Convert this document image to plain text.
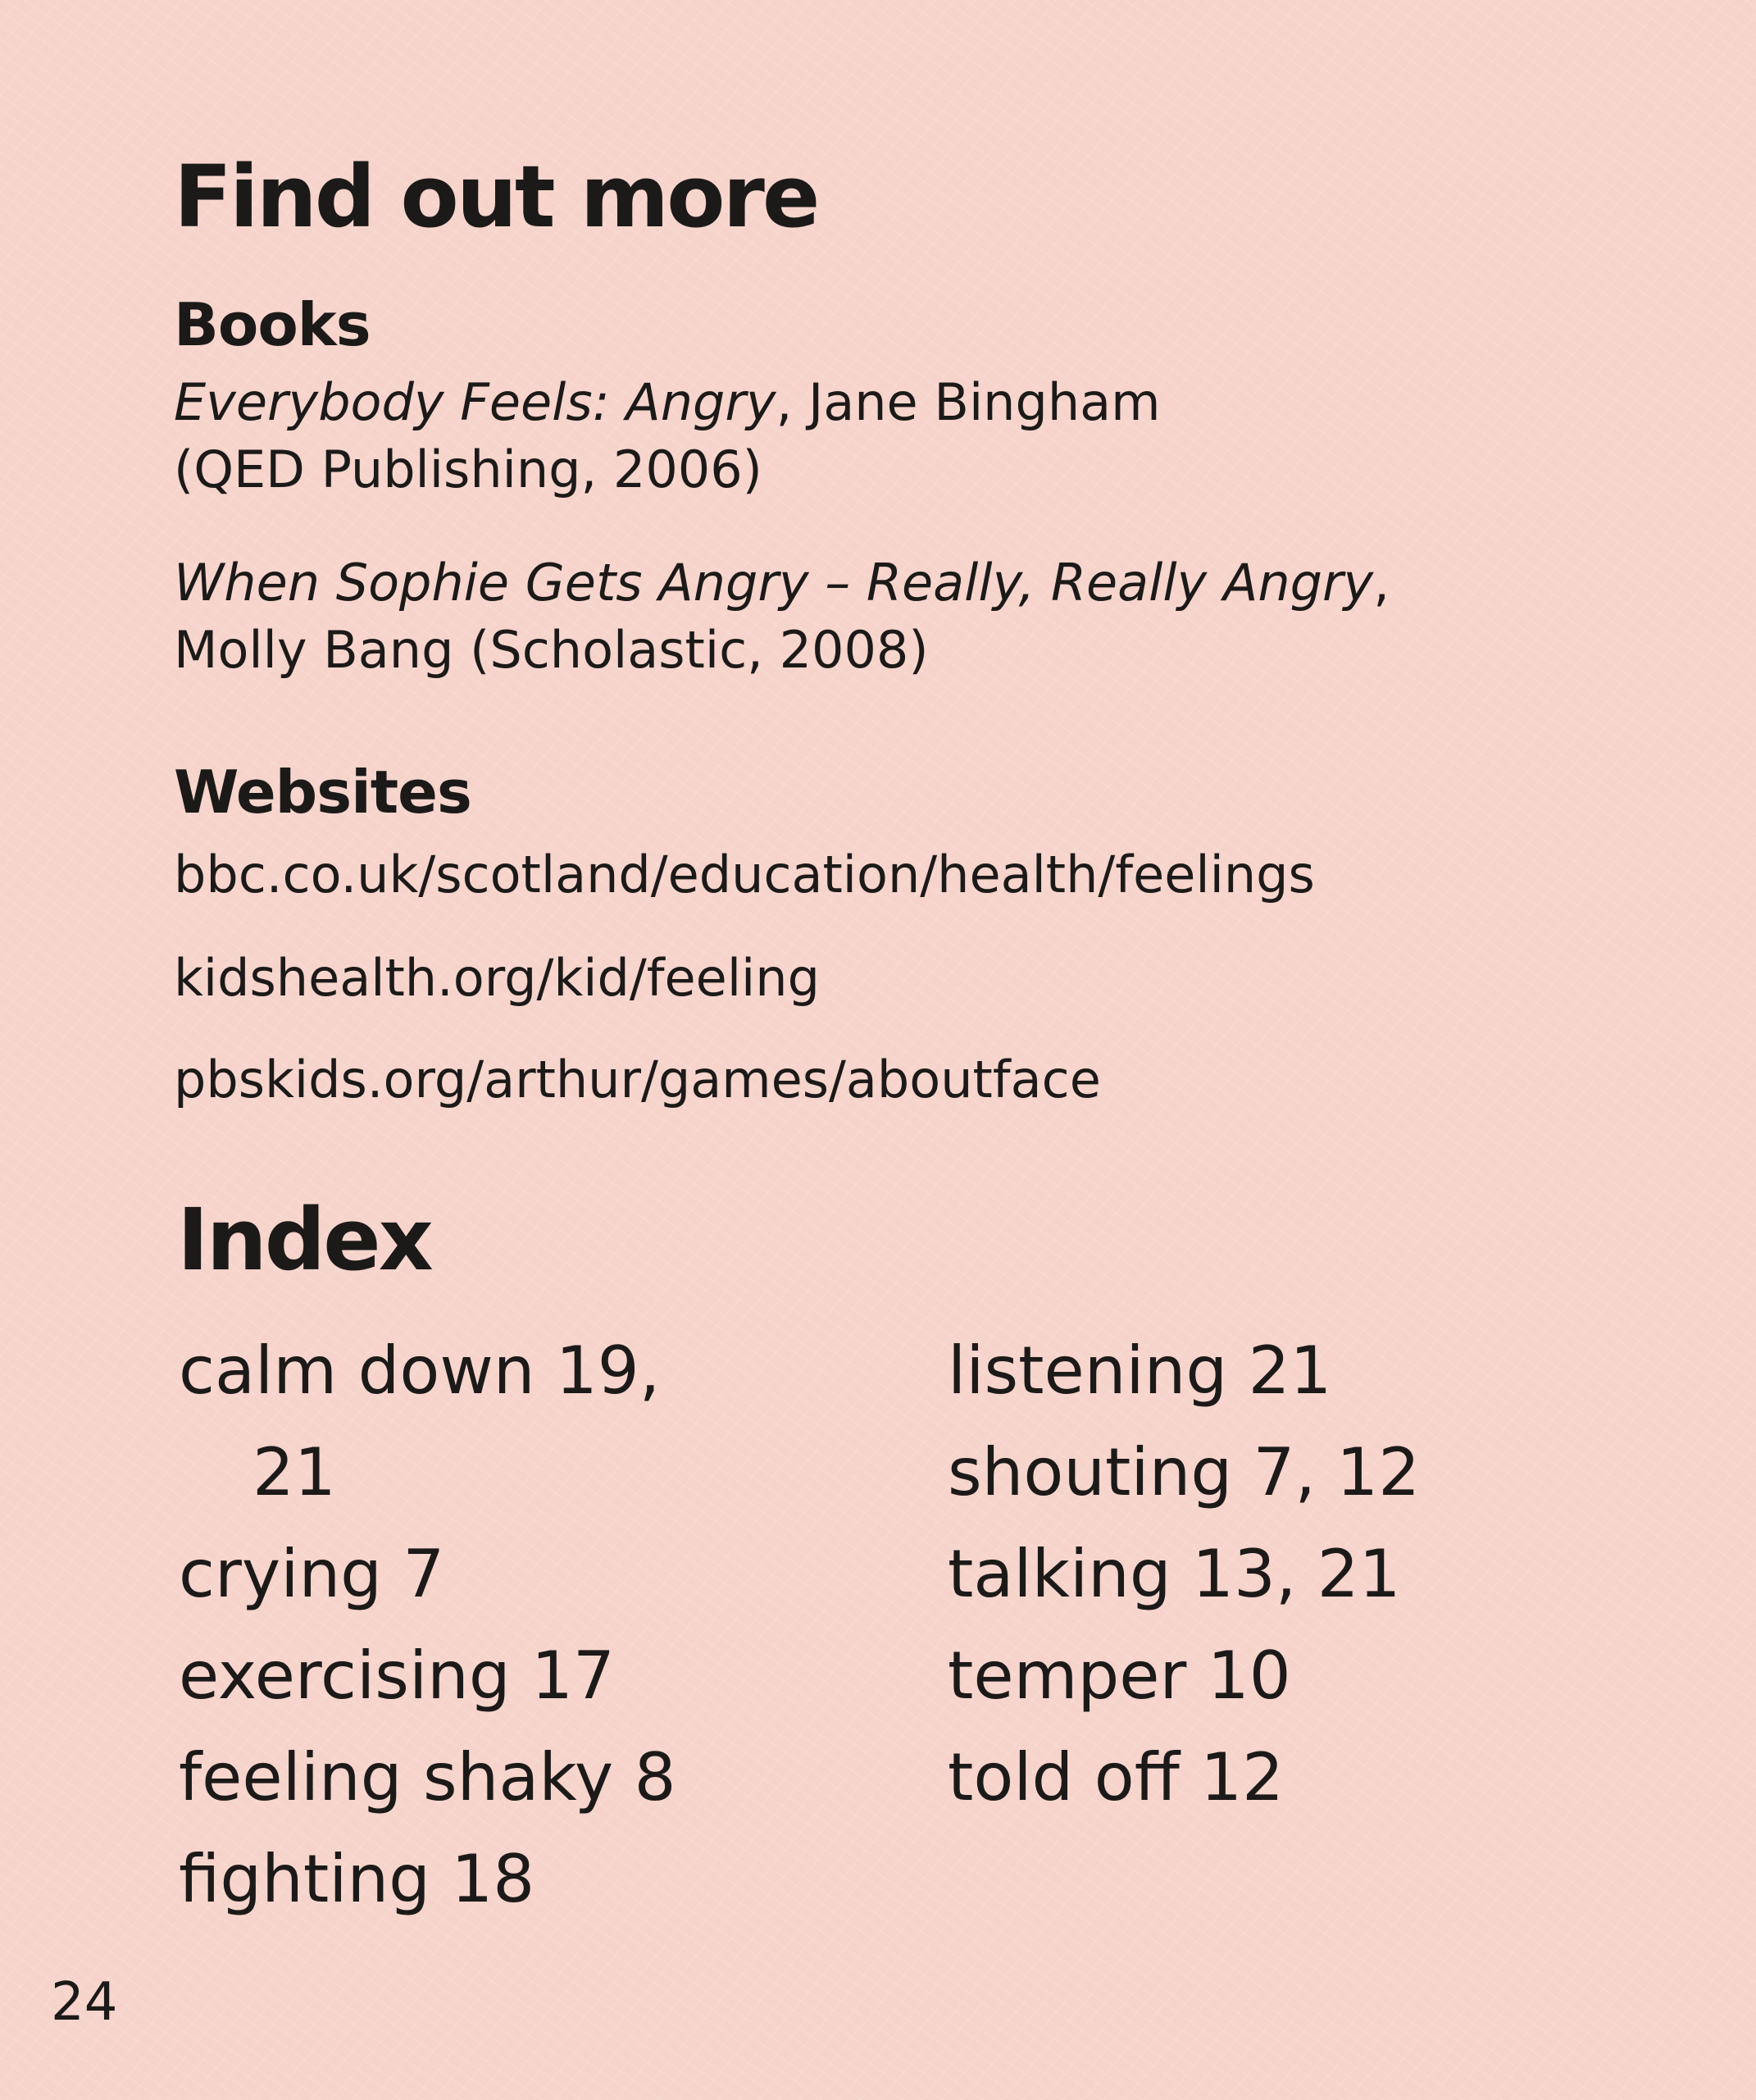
Find out more
Books
Everybody Feels: Angry, Jane Bingham
(QED Publishing, 2006)
When Sophie Gets Angry – Really, Really Angry,
Molly Bang (Scholastic, 2008)
Websites
bbc.co.uk/scotland/education/health/feelings
kidshealth.org/kid/feeling
pbskids.org/arthur/games/aboutface
Index
calm down 19,
21
crying 7
exercising 17
feeling shaky 8
fighting 18
listening 21
shouting 7, 12
talking 13, 21
temper 10
told off 12
24
